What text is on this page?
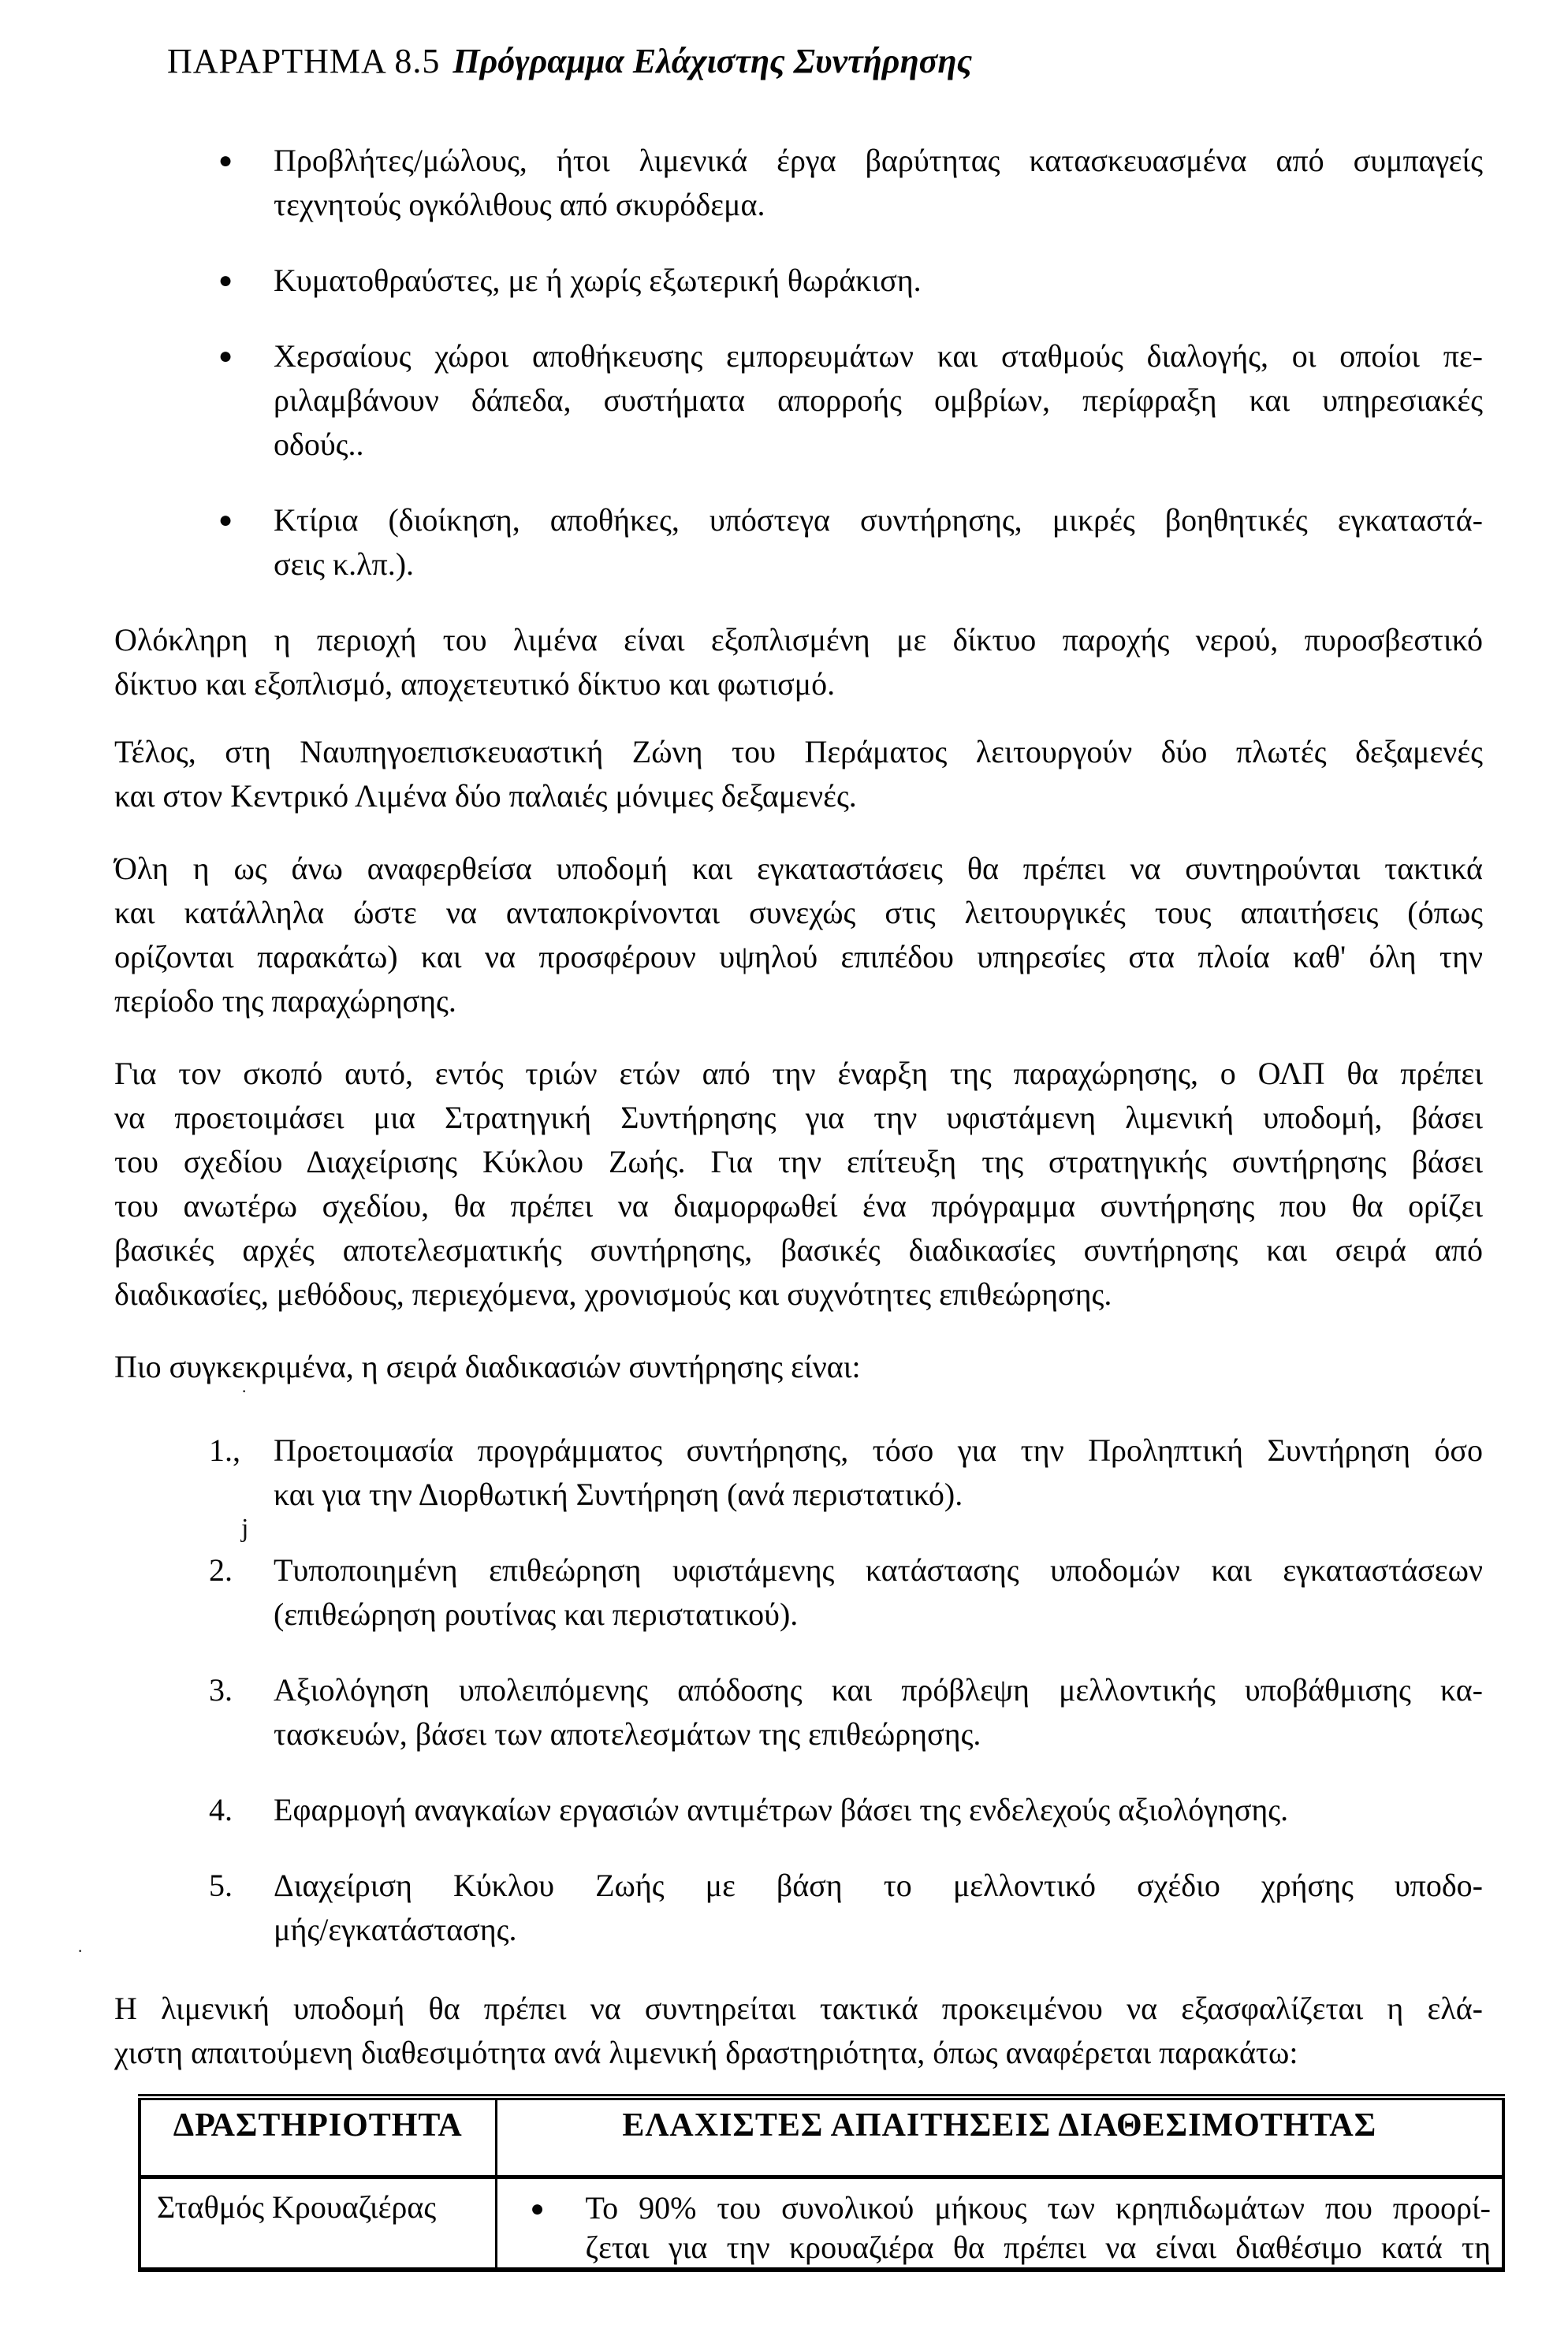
ΠΑΡΑΡΤΗΜΑ 8.5 Πρόγραμμα Ελάχιστης Συντήρησης
● Προβλήτες/μώλους, ήτοι λιμενικά έργα βαρύτητας κατασκευασμένα από συμπαγείς
τεχνητούς ογκόλιθους από σκυρόδεμα.
● Κυματοθραύστες, με ή χωρίς εξωτερική θωράκιση.
● Χερσαίους χώροι αποθήκευσης εμπορευμάτων και σταθμούς διαλογής, οι οποίοι πε-
ριλαμβάνουν δάπεδα, συστήματα απορροής ομβρίων, περίφραξη και υπηρεσιακές
οδούς..
● Κτίρια (διοίκηση, αποθήκες, υπόστεγα συντήρησης, μικρές βοηθητικές εγκαταστά-
σεις κ.λπ.).
Ολόκληρη η περιοχή του λιμένα είναι εξοπλισμένη με δίκτυο παροχής νερού, πυροσβεστικό
δίκτυο και εξοπλισμό, αποχετευτικό δίκτυο και φωτισμό.
Τέλος, στη Ναυπηγοεπισκευαστική Ζώνη του Περάματος λειτουργούν δύο πλωτές δεξαμενές
και στον Κεντρικό Λιμένα δύο παλαιές μόνιμες δεξαμενές.
Όλη η ως άνω αναφερθείσα υποδομή και εγκαταστάσεις θα πρέπει να συντηρούνται τακτικά
και κατάλληλα ώστε να ανταποκρίνονται συνεχώς στις λειτουργικές τους απαιτήσεις (όπως
ορίζονται παρακάτω) και να προσφέρουν υψηλού επιπέδου υπηρεσίες στα πλοία καθ' όλη την
περίοδο της παραχώρησης.
Για τον σκοπό αυτό, εντός τριών ετών από την έναρξη της παραχώρησης, ο ΟΛΠ θα πρέπει
να προετοιμάσει μια Στρατηγική Συντήρησης για την υφιστάμενη λιμενική υποδομή, βάσει
του σχεδίου Διαχείρισης Κύκλου Ζωής. Για την επίτευξη της στρατηγικής συντήρησης βάσει
του ανωτέρω σχεδίου, θα πρέπει να διαμορφωθεί ένα πρόγραμμα συντήρησης που θα ορίζει
βασικές αρχές αποτελεσματικής συντήρησης, βασικές διαδικασίες συντήρησης και σειρά από
διαδικασίες, μεθόδους, περιεχόμενα, χρονισμούς και συχνότητες επιθεώρησης.
Πιο συγκεκριμένα, η σειρά διαδικασιών συντήρησης είναι:
1., Προετοιμασία προγράμματος συντήρησης, τόσο για την Προληπτική Συντήρηση όσο
και για την Διορθωτική Συντήρηση (ανά περιστατικό).
2. Τυποποιημένη επιθεώρηση υφιστάμενης κατάστασης υποδομών και εγκαταστάσεων
(επιθεώρηση ρουτίνας και περιστατικού).
3. Αξιολόγηση υπολειπόμενης απόδοσης και πρόβλεψη μελλοντικής υποβάθμισης κα-
τασκευών, βάσει των αποτελεσμάτων της επιθεώρησης.
4. Εφαρμογή αναγκαίων εργασιών αντιμέτρων βάσει της ενδελεχούς αξιολόγησης.
5. Διαχείριση Κύκλου Ζωής με βάση το μελλοντικό σχέδιο χρήσης υποδο-
μής/εγκατάστασης.
Η λιμενική υποδομή θα πρέπει να συντηρείται τακτικά προκειμένου να εξασφαλίζεται η ελά-
χιστη απαιτούμενη διαθεσιμότητα ανά λιμενική δραστηριότητα, όπως αναφέρεται παρακάτω:
ΔΡΑΣΤΗΡΙΟΤΗΤΑ	ΕΛΑΧΙΣΤΕΣ ΑΠΑΙΤΗΣΕΙΣ ΔΙΑΘΕΣΙΜΟΤΗΤΑΣ
Σταθμός Κρουαζιέρας	● Το 90% του συνολικού μήκους των κρηπιδωμάτων που προορί-
ζεται για την κρουαζιέρα θα πρέπει να είναι διαθέσιμο κατά τη
·
j
·
